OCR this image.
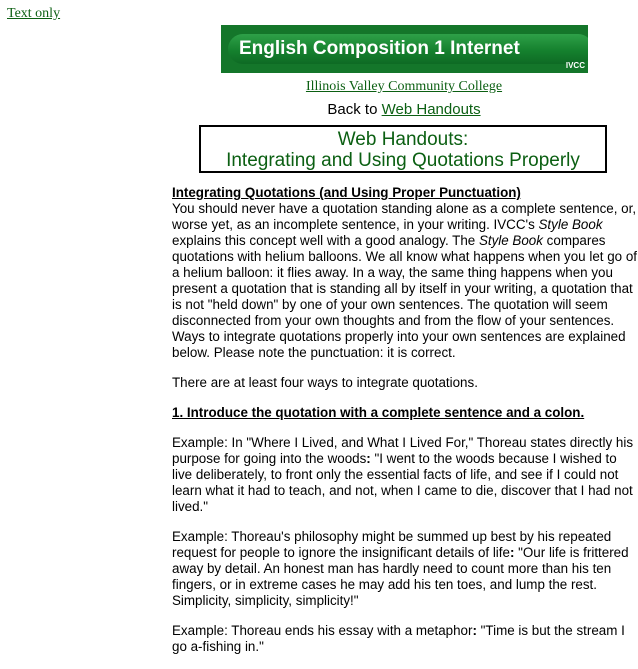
Text only
English Composition 1 Internet
IVCC
Illinois Valley Community College
Back to Web Handouts
Web Handouts:
Integrating and Using Quotations Properly

Integrating Quotations (and Using Proper Punctuation)
You should never have a quotation standing alone as a complete sentence, or, worse yet, as an incomplete sentence, in your writing. IVCC's Style Book explains this concept well with a good analogy. The Style Book compares quotations with helium balloons. We all know what happens when you let go of a helium balloon: it flies away. In a way, the same thing happens when you present a quotation that is standing all by itself in your writing, a quotation that is not "held down" by one of your own sentences. The quotation will seem disconnected from your own thoughts and from the flow of your sentences. Ways to integrate quotations properly into your own sentences are explained below. Please note the punctuation: it is correct.

There are at least four ways to integrate quotations.

1. Introduce the quotation with a complete sentence and a colon.

Example: In "Where I Lived, and What I Lived For," Thoreau states directly his purpose for going into the woods: "I went to the woods because I wished to live deliberately, to front only the essential facts of life, and see if I could not learn what it had to teach, and not, when I came to die, discover that I had not lived."

Example: Thoreau's philosophy might be summed up best by his repeated request for people to ignore the insignificant details of life: "Our life is frittered away by detail. An honest man has hardly need to count more than his ten fingers, or in extreme cases he may add his ten toes, and lump the rest. Simplicity, simplicity, simplicity!"

Example: Thoreau ends his essay with a metaphor: "Time is but the stream I go a-fishing in."
